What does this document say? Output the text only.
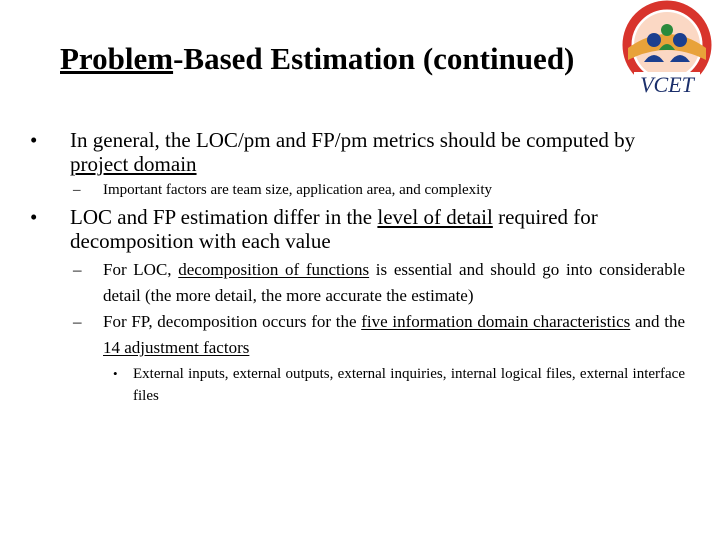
Problem-Based Estimation (continued)
VCET
•	In general, the LOC/pm and FP/pm metrics should be computed by project domain
–	Important factors are team size, application area, and complexity
•	LOC and FP estimation differ in the level of detail required for decomposition with each value
–	For LOC, decomposition of functions is essential and should go into considerable detail (the more detail, the more accurate the estimate)
–	For FP, decomposition occurs for the five information domain characteristics and the 14 adjustment factors
•	External inputs, external outputs, external inquiries, internal logical files, external interface files
